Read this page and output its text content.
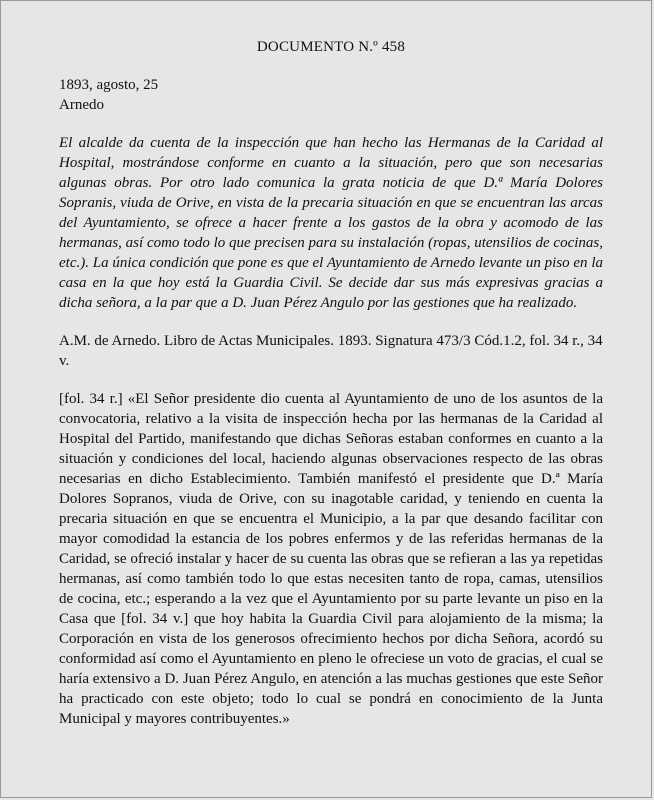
DOCUMENTO N.º 458

1893, agosto, 25

Arnedo

El alcalde da cuenta de la inspección que han hecho las Hermanas de la Caridad al Hospital, mostrándose conforme en cuanto a la situación, pero que son necesarias algunas obras. Por otro lado comunica la grata noticia de que D.ª María Dolores Sopranis, viuda de Orive, en vista de la precaria situación en que se encuentran las arcas del Ayuntamiento, se ofrece a hacer frente a los gastos de la obra y acomodo de las hermanas, así como todo lo que precisen para su instalación (ropas, utensilios de cocinas, etc.). La única condición que pone es que el Ayuntamiento de Arnedo levante un piso en la casa en la que hoy está la Guardia Civil. Se decide dar sus más expresivas gracias a dicha señora, a la par que a D. Juan Pérez Angulo por las gestiones que ha realizado.

A.M. de Arnedo. Libro de Actas Municipales. 1893. Signatura 473/3 Cód.1.2, fol. 34 r., 34 v.

[fol. 34 r.] «El Señor presidente dio cuenta al Ayuntamiento de uno de los asuntos de la convocatoria, relativo a la visita de inspección hecha por las hermanas de la Caridad al Hospital del Partido, manifestando que dichas Señoras estaban conformes en cuanto a la situación y condiciones del local, haciendo algunas observaciones respecto de las obras necesarias en dicho Establecimiento. También manifestó el presidente que D.ª María Dolores Sopranos, viuda de Orive, con su inagotable caridad, y teniendo en cuenta la precaria situación en que se encuentra el Municipio, a la par que desando facilitar con mayor comodidad la estancia de los pobres enfermos y de las referidas hermanas de la Caridad, se ofreció instalar y hacer de su cuenta las obras que se refieran a las ya repetidas hermanas, así como también todo lo que estas necesiten tanto de ropa, camas, utensilios de cocina, etc.; esperando a la vez que el Ayuntamiento por su parte levante un piso en la Casa que [fol. 34 v.] que hoy habita la Guardia Civil para alojamiento de la misma; la Corporación en vista de los generosos ofrecimiento hechos por dicha Señora, acordó su conformidad así como el Ayuntamiento en pleno le ofreciese un voto de gracias, el cual se haría extensivo a D. Juan Pérez Angulo, en atención a las muchas gestiones que este Señor ha practicado con este objeto; todo lo cual se pondrá en conocimiento de la Junta Municipal y mayores contribuyentes.»
